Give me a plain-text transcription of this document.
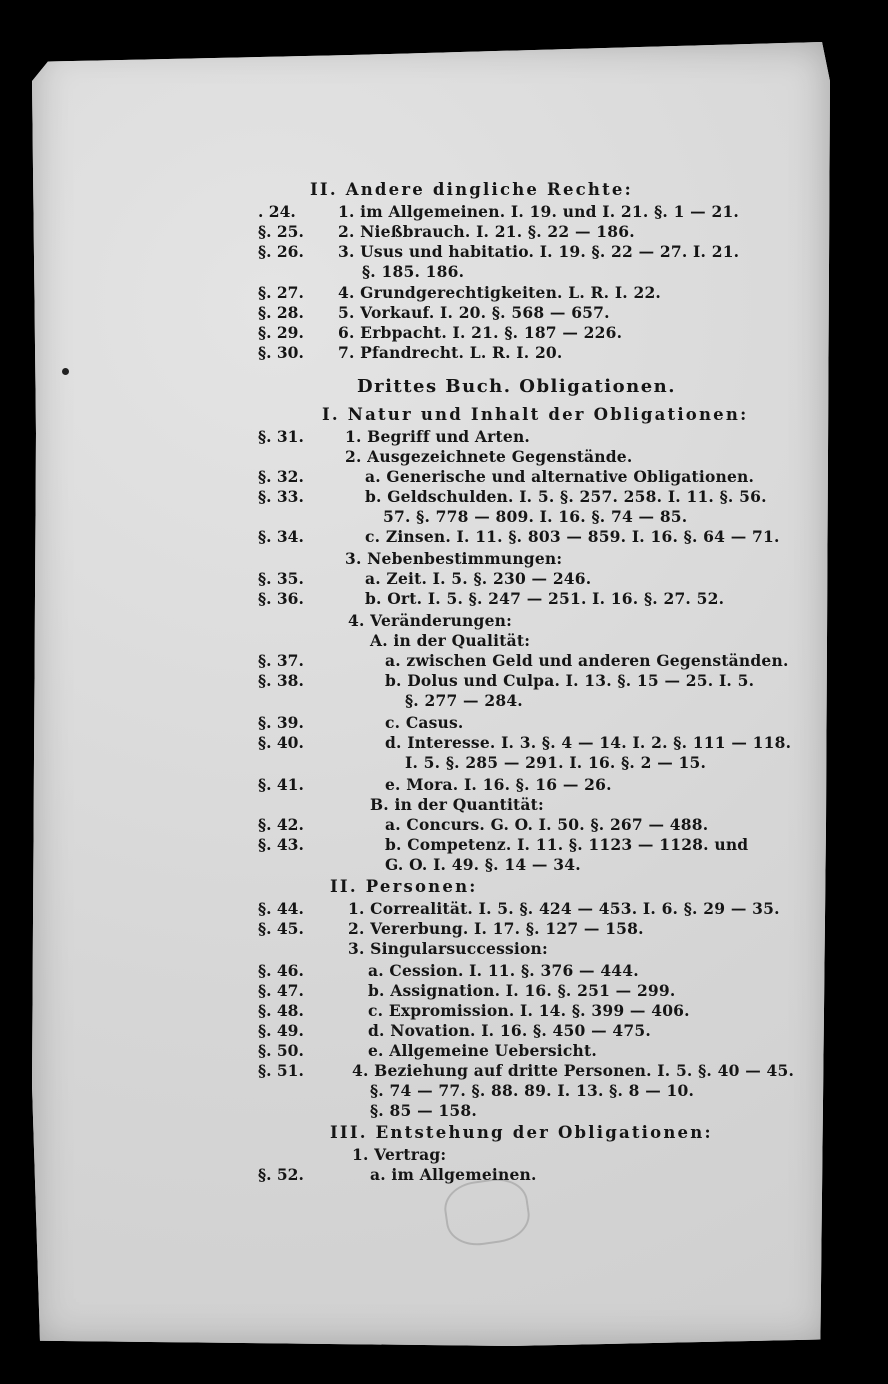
II. Andere dingliche Rechte:
. 24.	1. im Allgemeinen. I. 19. und I. 21. §. 1 — 21.
§. 25. 2. Nießbrauch. I. 21. §. 22 — 186.
§. 26. 3. Usus und habitatio. I. 19. §. 22 — 27. I. 21.
§. 185. 186.
§. 27. 4. Grundgerechtigkeiten. L. R. I. 22.
§. 28. 5. Vorkauf. I. 20. §. 568 — 657.
§. 29. 6. Erbpacht. I. 21. §. 187 — 226.
§. 30. 7. Pfandrecht. L. R. I. 20.
Drittes Buch. Obligationen.
I. Natur und Inhalt der Obligationen:
§. 31.	1. Begriff und Arten.
2. Ausgezeichnete Gegenstände.
§. 32.	a. Generische und alternative Obligationen.
§. 33.	b. Geldschulden. I. 5. §. 257. 258. I. 11. §. 56.
57. §. 778 — 809. I. 16. §. 74 — 85.
§. 34.	c. Zinsen. I. 11. §. 803 — 859. I. 16. §. 64 — 71.
3. Nebenbestimmungen:
§. 35.	a. Zeit. I. 5. §. 230 — 246.
§. 36.	b. Ort. I. 5. §. 247 — 251. I. 16. §. 27. 52.
4. Veränderungen:
A. in der Qualität:
§. 37.	a. zwischen Geld und anderen Gegenständen.
§. 38.	b. Dolus und Culpa. I. 13. §. 15 — 25. I. 5.
§. 277 — 284.
§. 39.	c. Casus.
§. 40.	d. Interesse. I. 3. §. 4 — 14. I. 2. §. 111 — 118.
I. 5. §. 285 — 291. I. 16. §. 2 — 15.
§. 41.	e. Mora. I. 16. §. 16 — 26.
B. in der Quantität:
§. 42.	a. Concurs. G. O. I. 50. §. 267 — 488.
§. 43.	b. Competenz. I. 11. §. 1123 — 1128. und
G. O. I. 49. §. 14 — 34.
II. Personen:
§. 44.	1. Correalität. I. 5. §. 424 — 453. I. 6. §. 29 — 35.
§. 45.	2. Vererbung. I. 17. §. 127 — 158.
3. Singularsuccession:
§. 46.	a. Cession. I. 11. §. 376 — 444.
§. 47.	b. Assignation. I. 16. §. 251 — 299.
§. 48.	c. Expromission. I. 14. §. 399 — 406.
§. 49.	d. Novation. I. 16. §. 450 — 475.
§. 50.	e. Allgemeine Uebersicht.
§. 51.	4. Beziehung auf dritte Personen. I. 5. §. 40 — 45.
§. 74 — 77. §. 88. 89. I. 13. §. 8 — 10.
§. 85 — 158.
III. Entstehung der Obligationen:
1. Vertrag:
§. 52.	a. im Allgemeinen.
